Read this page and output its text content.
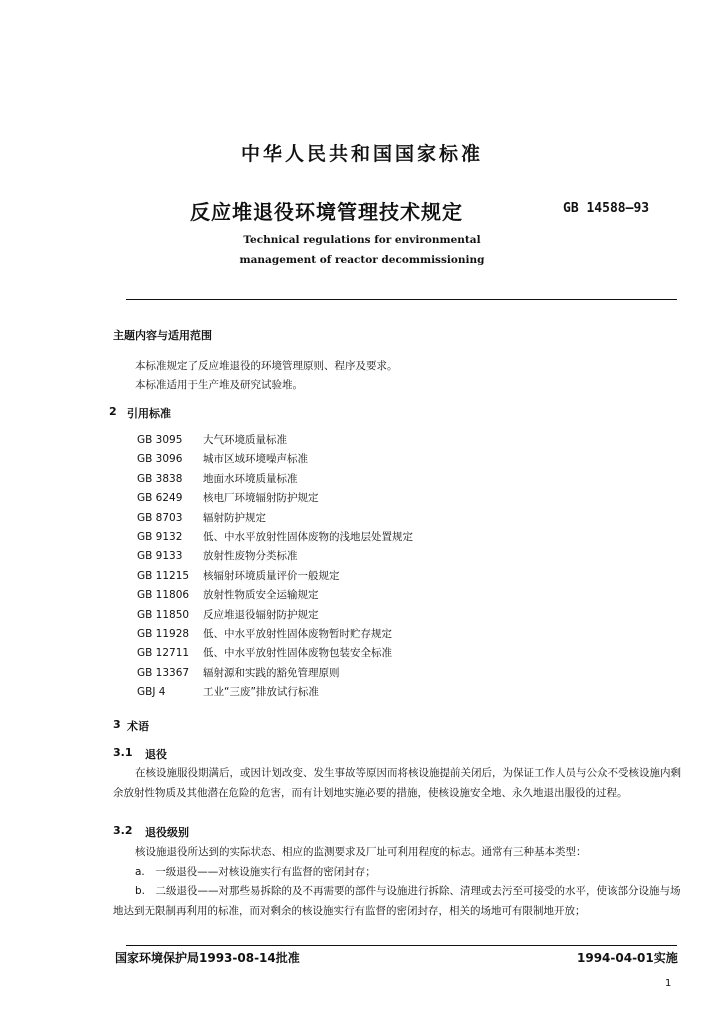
中华人民共和国国家标准
反应堆退役环境管理技术规定	GB 14588—93
Technical regulations for environmental
management of reactor decommissioning
主题内容与适用范围
本标准规定了反应堆退役的环境管理原则、程序及要求。
本标准适用于生产堆及研究试验堆。
2 引用标准
GB 3095 大气环境质量标准
GB 3096 城市区域环境噪声标准
GB 3838 地面水环境质量标准
GB 6249 核电厂环境辐射防护规定
GB 8703 辐射防护规定
GB 9132 低、中水平放射性固体废物的浅地层处置规定
GB 9133 放射性废物分类标准
GB 11215 核辐射环境质量评价一般规定
GB 11806 放射性物质安全运输规定
GB 11850 反应堆退役辐射防护规定
GB 11928 低、中水平放射性固体废物暂时贮存规定
GB 12711 低、中水平放射性固体废物包装安全标准
GB 13367 辐射源和实践的豁免管理原则
GBJ 4	工业“三废”排放试行标准
3 术语
3.1 退役
在核设施服役期满后，或因计划改变、发生事故等原因而将核设施提前关闭后，为保证工作人员与公众不受核设施内剩余放射性物质及其他潜在危险的危害，而有计划地实施必要的措施，使核设施安全地、永久地退出服役的过程。
3.2 退役级别
核设施退役所达到的实际状态、相应的监测要求及厂址可利用程度的标志。通常有三种基本类型：
a.　一级退役——对核设施实行有监督的密闭封存；
b.　二级退役——对那些易拆除的及不再需要的部件与设施进行拆除、清理或去污至可接受的水平，使该部分设施与场地达到无限制再利用的标准，而对剩余的核设施实行有监督的密闭封存，相关的场地可有限制地开放；
国家环境保护局1993-08-14批准	1994-04-01实施
1
